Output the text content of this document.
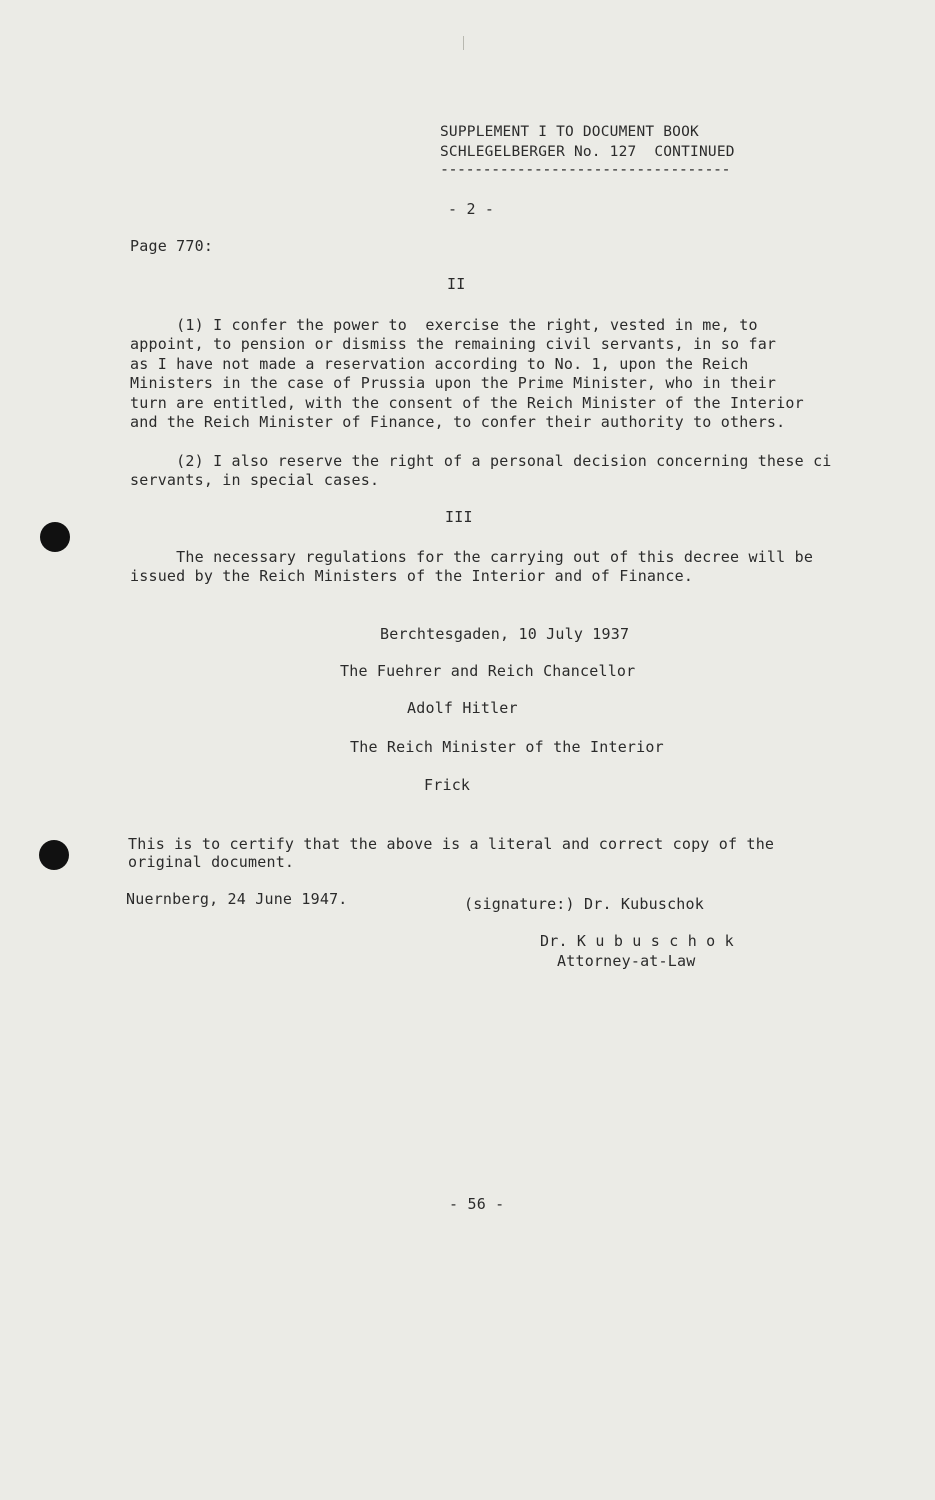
SUPPLEMENT I TO DOCUMENT BOOK
SCHLEGELBERGER No. 127  CONTINUED
----------------------------------
- 2 -
Page 770:
II
(1) I confer the power to  exercise the right, vested in me, to
appoint, to pension or dismiss the remaining civil servants, in so far
as I have not made a reservation according to No. 1, upon the Reich
Ministers in the case of Prussia upon the Prime Minister, who in their
turn are entitled, with the consent of the Reich Minister of the Interior
and the Reich Minister of Finance, to confer their authority to others.
(2) I also reserve the right of a personal decision concerning these ci
servants, in special cases.
III
The necessary regulations for the carrying out of this decree will be
issued by the Reich Ministers of the Interior and of Finance.
Berchtesgaden, 10 July 1937
The Fuehrer and Reich Chancellor
Adolf Hitler
The Reich Minister of the Interior
Frick
This is to certify that the above is a literal and correct copy of the
original document.
Nuernberg, 24 June 1947.	(signature:) Dr. Kubuschok
Dr. K u b u s c h o k
Attorney-at-Law
- 56 -
